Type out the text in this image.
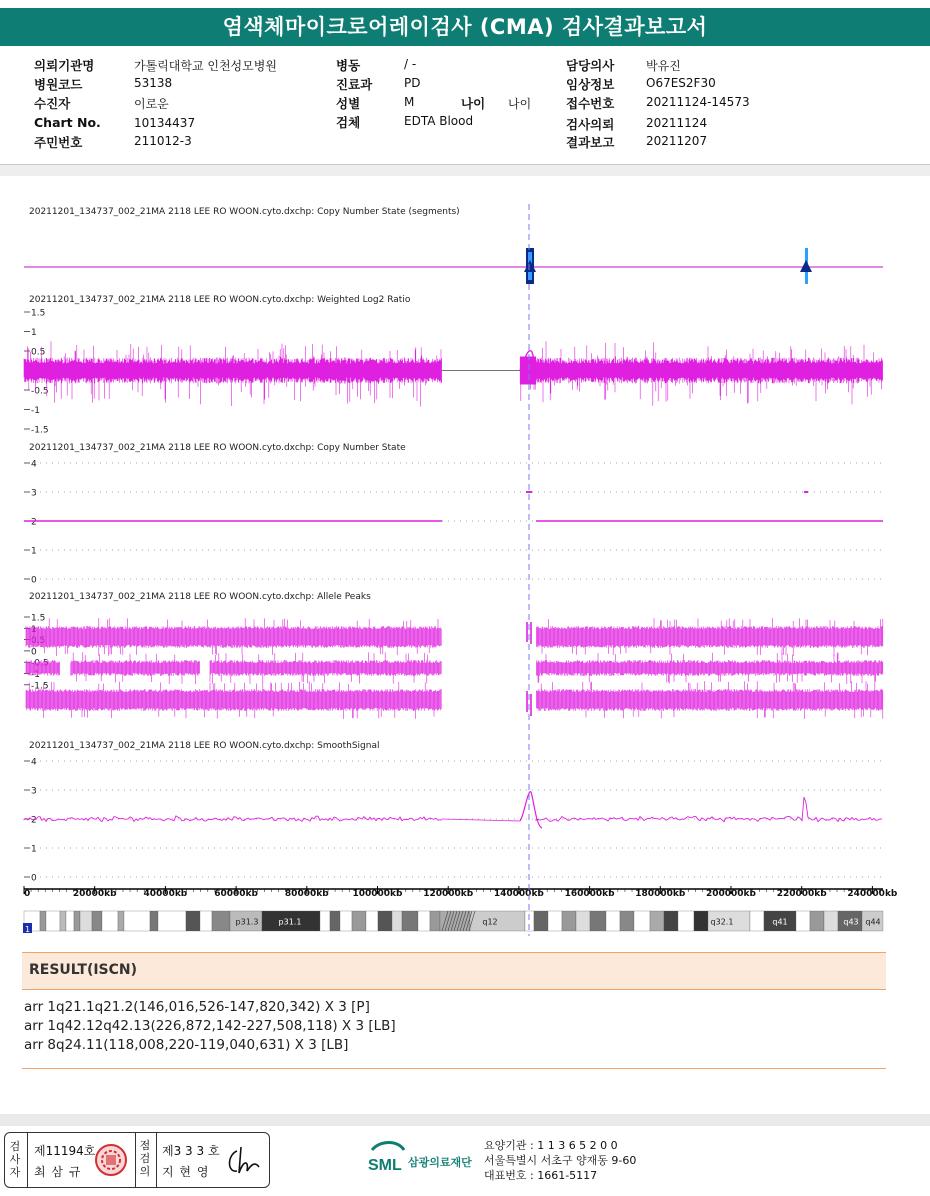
염색체마이크로어레이검사 (CMA) 검사결과보고서
의뢰기관명	가톨릭대학교 인천성모병원
병원코드	53138
수진자	이로운
Chart No.	10134437
주민번호	211012-3
병동	/ -
진료과	PD
성별	M	나이 나이
검체	EDTA Blood
담당의사	박유진
임상정보	O67ES2F30
접수번호	20211124-14573
검사의뢰	20211124
결과보고	20211207
20211201_134737_002_21MA 2118 LEE RO WOON.cyto.dxchp: Copy Number State (segments)
20211201_134737_002_21MA 2118 LEE RO WOON.cyto.dxchp: Weighted Log2 Ratio
20211201_134737_002_21MA 2118 LEE RO WOON.cyto.dxchp: Copy Number State
20211201_134737_002_21MA 2118 LEE RO WOON.cyto.dxchp: Allele Peaks
20211201_134737_002_21MA 2118 LEE RO WOON.cyto.dxchp: SmoothSignal
1.5
1
0.5
0
-0.5
-1
-1.5
4
3
2
1
0
1.5
1
0.5
0
-0.5
-1
-1.5
4
3
2
1
0
0	20000kb	40000kb	60000kb	80000kb	100000kb 120000kb 140000kb 160000kb 180000kb 200000kb 220000kb 240000kb
p31.3	p31.1	q12	q32.1	q41	q43 q44
1
RESULT(ISCN)
arr 1q21.1q21.2(146,016,526-147,820,342) X 3 [P]
arr 1q42.12q42.13(226,872,142-227,508,118) X 3 [LB]
arr 8q24.11(118,008,220-119,040,631) X 3 [LB]
검사자
제11194호
최 삼 규
점검의
제3 3 3 호
지 현 영	SML 삼광의료재단
요양기관 : 1 1 3 6 5 2 0 0
서울특별시 서초구 양재동 9-60
대표번호 : 1661-5117
